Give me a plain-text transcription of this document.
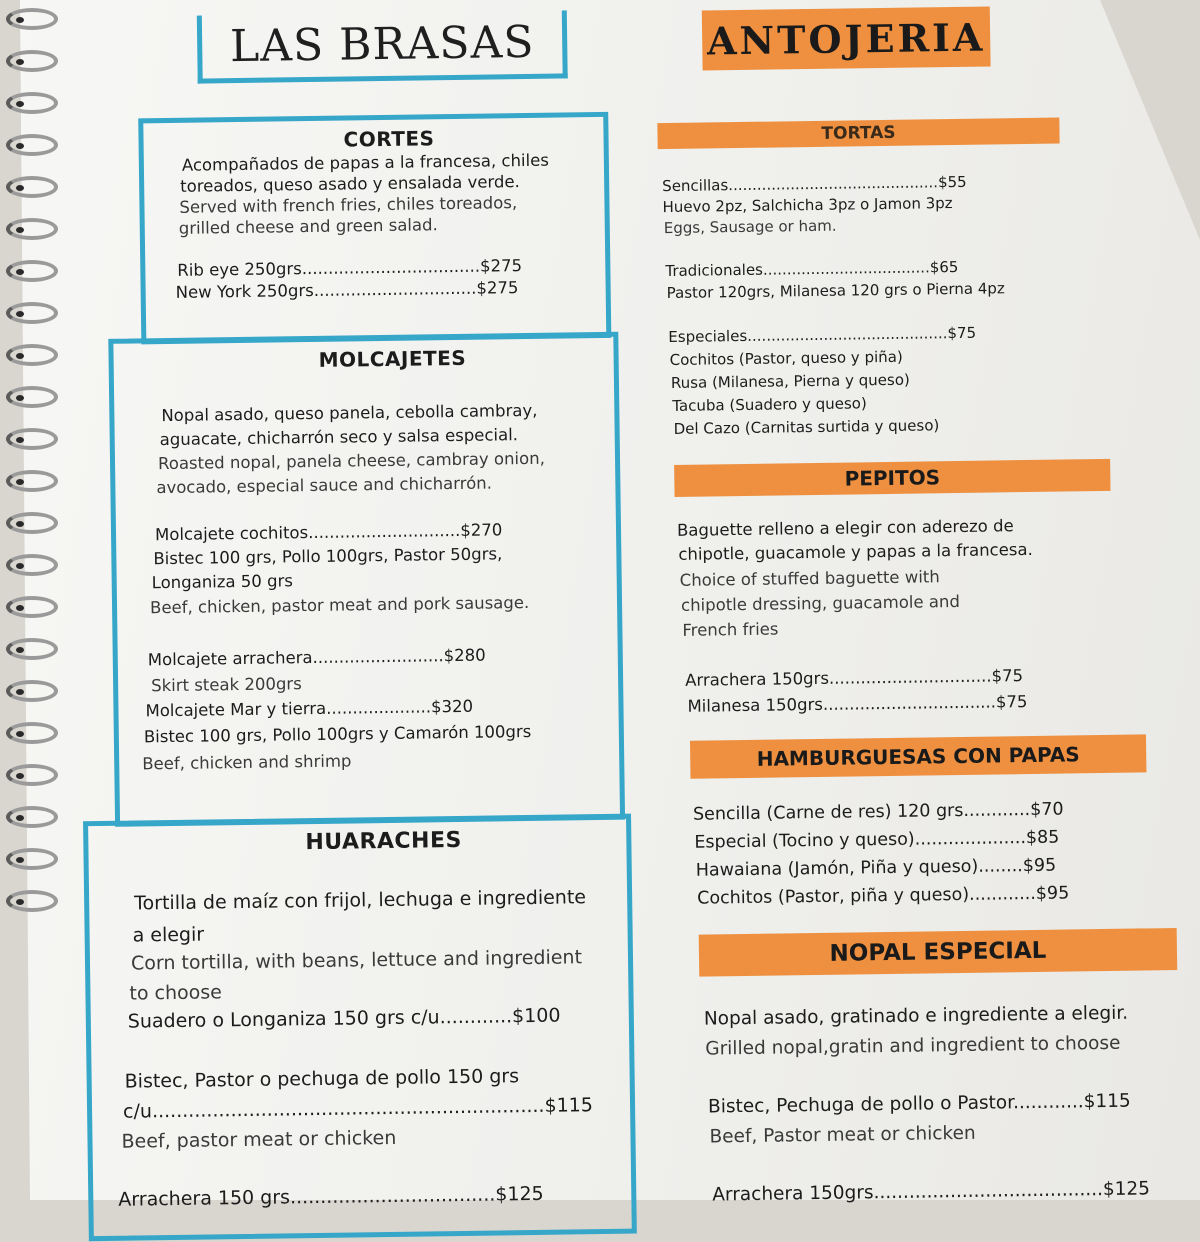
LAS BRASAS
CORTES
Acompañados de papas a la francesa, chiles
toreados, queso asado y ensalada verde.
Served with french fries, chiles toreados,
grilled cheese and green salad.
Rib eye 250grs..................................$275
New York 250grs...............................$275
MOLCAJETES
Nopal asado, queso panela, cebolla cambray,
aguacate, chicharrón seco y salsa especial.
Roasted nopal, panela cheese, cambray onion,
avocado, especial sauce and chicharrón.
Molcajete cochitos.............................$270
Bistec 100 grs, Pollo 100grs, Pastor 50grs,
Longaniza 50 grs
Beef, chicken, pastor meat and pork sausage.
Molcajete arrachera.........................$280
Skirt steak 200grs
Molcajete Mar y tierra....................$320
Bistec 100 grs, Pollo 100grs y Camarón 100grs
Beef, chicken and shrimp
HUARACHES
Tortilla de maíz con frijol, lechuga e ingrediente
a elegir
Corn tortilla, with beans, lettuce and ingredient
to choose
Suadero o Longaniza 150 grs c/u............$100
Bistec, Pastor o pechuga de pollo 150 grs
c/u.................................................................$115
Beef, pastor meat or chicken
Arrachera 150 grs..................................$125
ANTOJERIA
TORTAS
Sencillas............................................$55
Huevo 2pz, Salchicha 3pz o Jamon 3pz
Eggs, Sausage or ham.
Tradicionales...................................$65
Pastor 120grs, Milanesa 120 grs o Pierna 4pz
Especiales..........................................$75
Cochitos (Pastor, queso y piña)
Rusa (Milanesa, Pierna y queso)
Tacuba (Suadero y queso)
Del Cazo (Carnitas surtida y queso)
PEPITOS
Baguette relleno a elegir con aderezo de
chipotle, guacamole y papas a la francesa.
Choice of stuffed baguette with
chipotle dressing, guacamole and
French fries
Arrachera 150grs...............................$75
Milanesa 150grs.................................$75
HAMBURGUESAS CON PAPAS
Sencilla (Carne de res) 120 grs............$70
Especial (Tocino y queso)....................$85
Hawaiana (Jamón, Piña y queso)........$95
Cochitos (Pastor, piña y queso)............$95
NOPAL ESPECIAL
Nopal asado, gratinado e ingrediente a elegir.
Grilled nopal,gratin and ingredient to choose
Bistec, Pechuga de pollo o Pastor............$115
Beef, Pastor meat or chicken
Arrachera 150grs.......................................$125
